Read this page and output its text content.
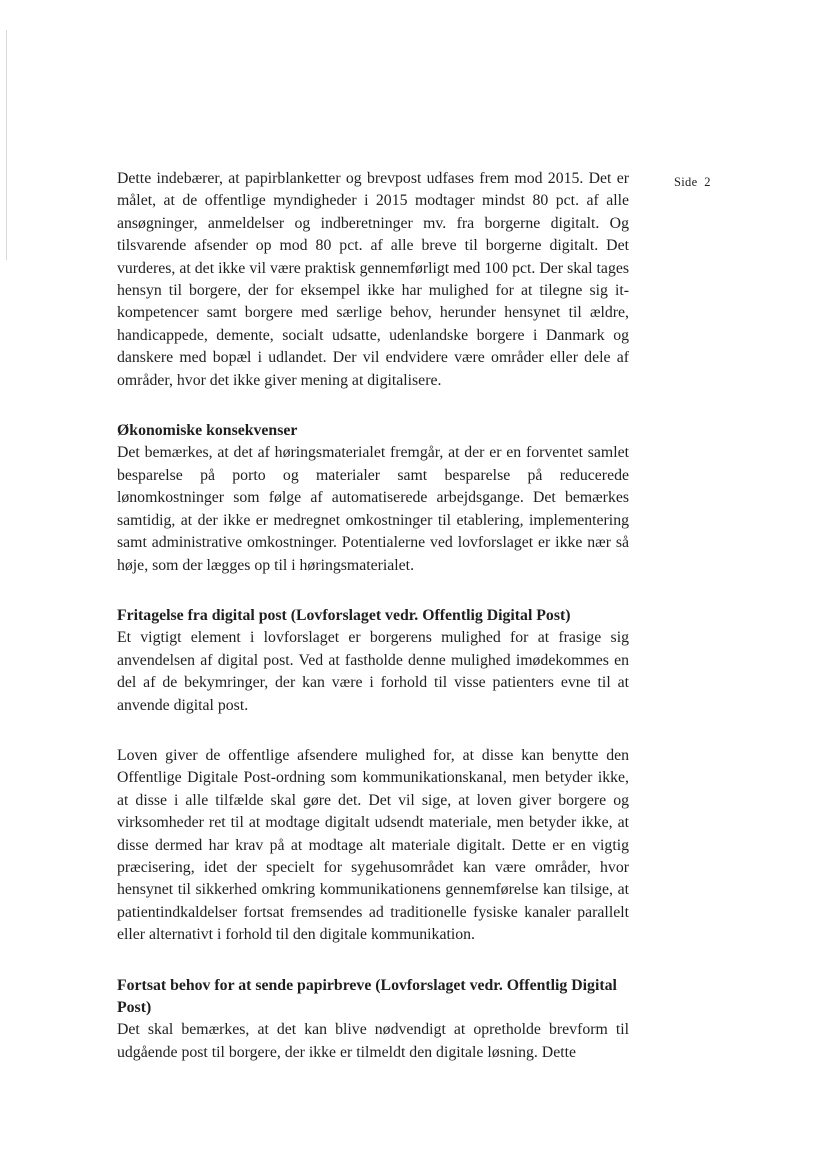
Side 2

Dette indebærer, at papirblanketter og brevpost udfases frem mod 2015. Det er målet, at de offentlige myndigheder i 2015 modtager mindst 80 pct. af alle ansøgninger, anmeldelser og indberetninger mv. fra borgerne digitalt. Og tilsvarende afsender op mod 80 pct. af alle breve til borgerne digitalt. Det vurderes, at det ikke vil være praktisk gennemførligt med 100 pct. Der skal tages hensyn til borgere, der for eksempel ikke har mulighed for at tilegne sig it-kompetencer samt borgere med særlige behov, herunder hensynet til ældre, handicappede, demente, socialt udsatte, udenlandske borgere i Danmark og danskere med bopæl i udlandet. Der vil endvidere være områder eller dele af områder, hvor det ikke giver mening at digitalisere.

Økonomiske konsekvenser

Det bemærkes, at det af høringsmaterialet fremgår, at der er en forventet samlet besparelse på porto og materialer samt besparelse på reducerede lønomkostninger som følge af automatiserede arbejdsgange. Det bemærkes samtidig, at der ikke er medregnet omkostninger til etablering, implementering samt administrative omkostninger. Potentialerne ved lovforslaget er ikke nær så høje, som der lægges op til i høringsmaterialet.

Fritagelse fra digital post (Lovforslaget vedr. Offentlig Digital Post)

Et vigtigt element i lovforslaget er borgerens mulighed for at frasige sig anvendelsen af digital post. Ved at fastholde denne mulighed imødekommes en del af de bekymringer, der kan være i forhold til visse patienters evne til at anvende digital post.

Loven giver de offentlige afsendere mulighed for, at disse kan benytte den Offentlige Digitale Post-ordning som kommunikationskanal, men betyder ikke, at disse i alle tilfælde skal gøre det. Det vil sige, at loven giver borgere og virksomheder ret til at modtage digitalt udsendt materiale, men betyder ikke, at disse dermed har krav på at modtage alt materiale digitalt. Dette er en vigtig præcisering, idet der specielt for sygehusområdet kan være områder, hvor hensynet til sikkerhed omkring kommunikationens gennemførelse kan tilsige, at patientindkaldelser fortsat fremsendes ad traditionelle fysiske kanaler parallelt eller alternativt i forhold til den digitale kommunikation.

Fortsat behov for at sende papirbreve (Lovforslaget vedr. Offentlig Digital Post)

Det skal bemærkes, at det kan blive nødvendigt at opretholde brevform til udgående post til borgere, der ikke er tilmeldt den digitale løsning. Dette
